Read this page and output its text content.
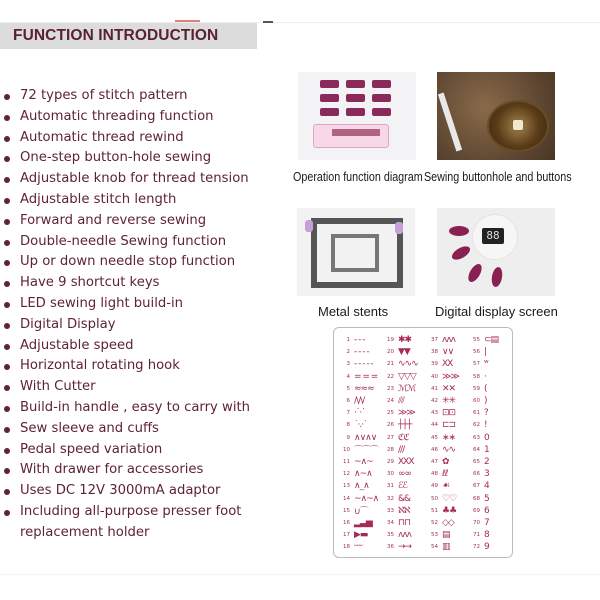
FUNCTION INTRODUCTION
72 types of stitch pattern
Automatic threading function
Automatic thread rewind
One-step button-hole sewing
Adjustable knob for thread tension
Adjustable stitch length
Forward and reverse sewing
Double-needle Sewing function
Up or down needle stop function
Have 9 shortcut keys
LED sewing light build-in
Digital Display
Adjustable speed
Horizontal rotating hook
With Cutter
Build-in handle , easy to carry with
Sew sleeve and cuffs
Pedal speed variation
With drawer for accessories
Uses DC 12V 3000mA adaptor
Including all-purpose presser foot
replacement holder
Operation function diagram Sewing buttonhole and buttons
Metal stents
88
Digital display screen
1 - - -
2 - - - -
3 - - - - -
4 = = =
5 ≈≈≈
6 /\/\/
7 ·˙·˙
8 ˙·.·˙
9 ∧∨∧∨
10 ⌒⌒⌒
11 ~∧~
12 ∧~∧
13 ∧_∧
14 ~∧~∧
15 ∪⌒
16 ▂▃▅
17 ▶▬
18 ᵕᵕᵕ
19 ✱✱
20 ▼▼
21 ∿∿∿
22 ▽▽▽
23 ℳℳ
24 ⫽⫽
25 ≫≫
26 ┼┼┼
27 ℭℭ
28 ///
29 XXX
30 ∞∞
31 ℰℰ
32 &&
33 ℵℵ
34 ⊓⊓
35 ʌʌʌ
36 →→
37 ᴧᴧᴧ
38 ∨∨
39 XX
40 ≫≫
41 ✕✕
42 ✳✳
43 ⊡⊡
44 ⊏⊐
45 ∗∗
46 ∿∿
47 ✿
48 ℓℓ
49 ☙
50 ♡♡
51 ♣♣
52 ◇◇
53 ▤
54 ▥
55 ⊂▤
56 |
57 ʷ
58 ·
59 (
60 )
61 ?
62 !
63 0
64 1
65 2
66 3
67 4
68 5
69 6
70 7
71 8
72 9
